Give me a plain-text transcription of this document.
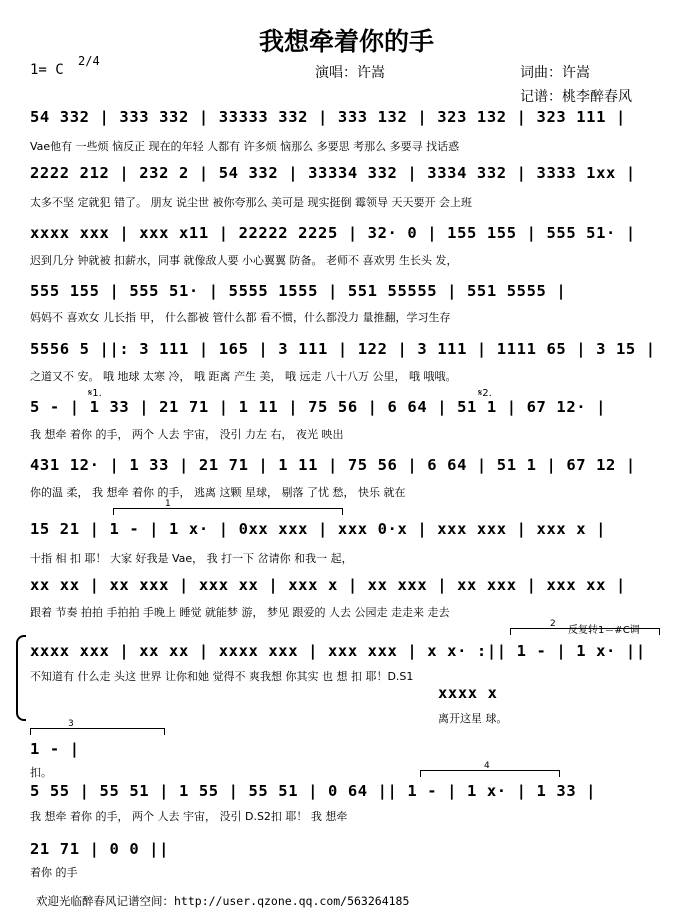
我想牵着你的手
1= C
2/4
演唱：许嵩	词曲：许嵩
记谱：桃李醉春风
54 332 | 333 332 | 33333 332 | 333 132 | 323 132 | 323 111 |
Vae他有 一些烦 恼反正 现在的年轻 人都有 许多烦 恼那么 多要思 考那么 多要寻 找话惑
2222 212 | 232 2 | 54 332 | 33334 332 | 3334 332 | 3333 1xx |
太多不坚 定就犯 错了。 朋友 说尘世 被你夸那么 美可是 现实挺倒 霉领导 天天要开 会上班
xxxx xxx | xxx x11 | 22222 2225 | 32· 0 | 155 155 | 555 51· |
迟到几分 钟就被 扣薪水，同事 就像敌人要 小心翼翼 防备。 老师不 喜欢男 生长头 发，
555 155 | 555 51· | 5555 1555 | 551 55555 | 551 5555 |
妈妈不 喜欢女 儿长指 甲， 什么都被 管什么都 看不惯，什么都没力 量推翻，学习生存
5556 5 ||: 3 111 | 165 | 3 111 | 122 | 3 111 | 1111 65 | 3 15 |
之道又不 安。 哦 地球 太寒 冷， 哦 距离 产生 美， 哦 远走 八十八万 公里， 哦 哦哦。
𝄋1.	𝄋2.
5 - | 1 33 | 21 71 | 1 11 | 75 56 | 6 64 | 51 1 | 67 12· |
我 想牵 着你 的手， 两个 人去 宇宙， 没引 力左 右， 夜光 映出
431 12· | 1 33 | 21 71 | 1 11 | 75 56 | 6 64 | 51 1 | 67 12 |
你的温 柔， 我 想牵 着你 的手， 逃离 这颗 星球， 剔落 了忧 愁， 快乐 就在
1
15 21 | 1 - | 1 x· | 0xx xxx | xxx 0·x | xxx xxx | xxx x |
十指 相 扣 耶！ 大家 好我是 Vae， 我 打一下 岔请你 和我一 起，
xx xx | xx xxx | xxx xx | xxx x | xx xxx | xx xxx | xxx xx |
跟着 节奏 拍拍 手拍拍 手晚上 睡觉 就能梦 游， 梦见 跟爱的 人去 公园走 走走来 走去
2
反复转1＝#C调
xxxx xxx | xx xx | xxxx xxx | xxx xxx | x x· :|| 1 - | 1 x· ||
不知道有 什么走 头这 世界 让你和她 觉得不 爽我想 你其实 也 想 扣 耶！D.S1
xxxx x
离开这星 球。
3
1 - |
扣。	4
5 55 | 55 51 | 1 55 | 55 51 | 0 64 || 1 - | 1 x· | 1 33 |
我 想牵 着你 的手， 两个 人去 宇宙， 没引 D.S2扣 耶！ 我 想牵
21 71 | 0 0 ||
着你 的手
欢迎光临醉春风记谱空间：http://user.qzone.qq.com/563264185
